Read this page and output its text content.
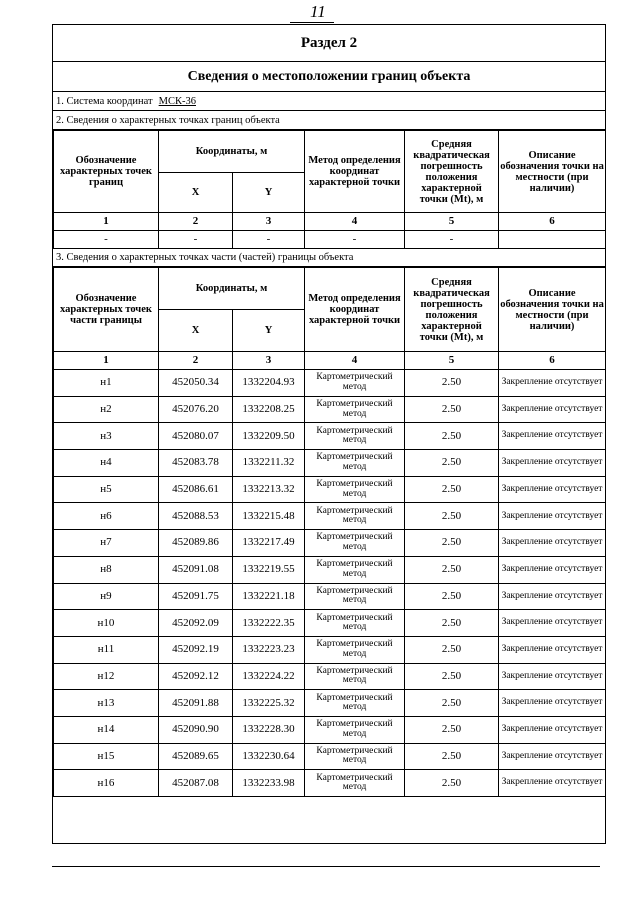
11
Раздел 2
Сведения о местоположении границ объекта
1. Система координат МСК-36
2. Сведения о характерных точках границ объекта
Обозначение характерных точек границ	Координаты, м		Метод определения координат характерной точки	Средняя квадратическая погрешность положения характерной точки (Mt), м	Описание обозначения точки на местности (при наличии)
	X	Y			
1	2	3	4	5	6
-	-	-	-	-	
3. Сведения о характерных точках части (частей) границы объекта
Обозначение характерных точек части границы	Координаты, м		Метод определения координат характерной точки	Средняя квадратическая погрешность положения характерной точки (Mt), м	Описание обозначения точки на местности (при наличии)
	X	Y			
1	2	3	4	5	6
н1	452050.34	1332204.93	Картометрический метод	2.50	Закрепление отсутствует
н2	452076.20	1332208.25	Картометрический метод	2.50	Закрепление отсутствует
н3	452080.07	1332209.50	Картометрический метод	2.50	Закрепление отсутствует
н4	452083.78	1332211.32	Картометрический метод	2.50	Закрепление отсутствует
н5	452086.61	1332213.32	Картометрический метод	2.50	Закрепление отсутствует
н6	452088.53	1332215.48	Картометрический метод	2.50	Закрепление отсутствует
н7	452089.86	1332217.49	Картометрический метод	2.50	Закрепление отсутствует
н8	452091.08	1332219.55	Картометрический метод	2.50	Закрепление отсутствует
н9	452091.75	1332221.18	Картометрический метод	2.50	Закрепление отсутствует
н10	452092.09	1332222.35	Картометрический метод	2.50	Закрепление отсутствует
н11	452092.19	1332223.23	Картометрический метод	2.50	Закрепление отсутствует
н12	452092.12	1332224.22	Картометрический метод	2.50	Закрепление отсутствует
н13	452091.88	1332225.32	Картометрический метод	2.50	Закрепление отсутствует
н14	452090.90	1332228.30	Картометрический метод	2.50	Закрепление отсутствует
н15	452089.65	1332230.64	Картометрический метод	2.50	Закрепление отсутствует
н16	452087.08	1332233.98	Картометрический метод	2.50	Закрепление отсутствует
